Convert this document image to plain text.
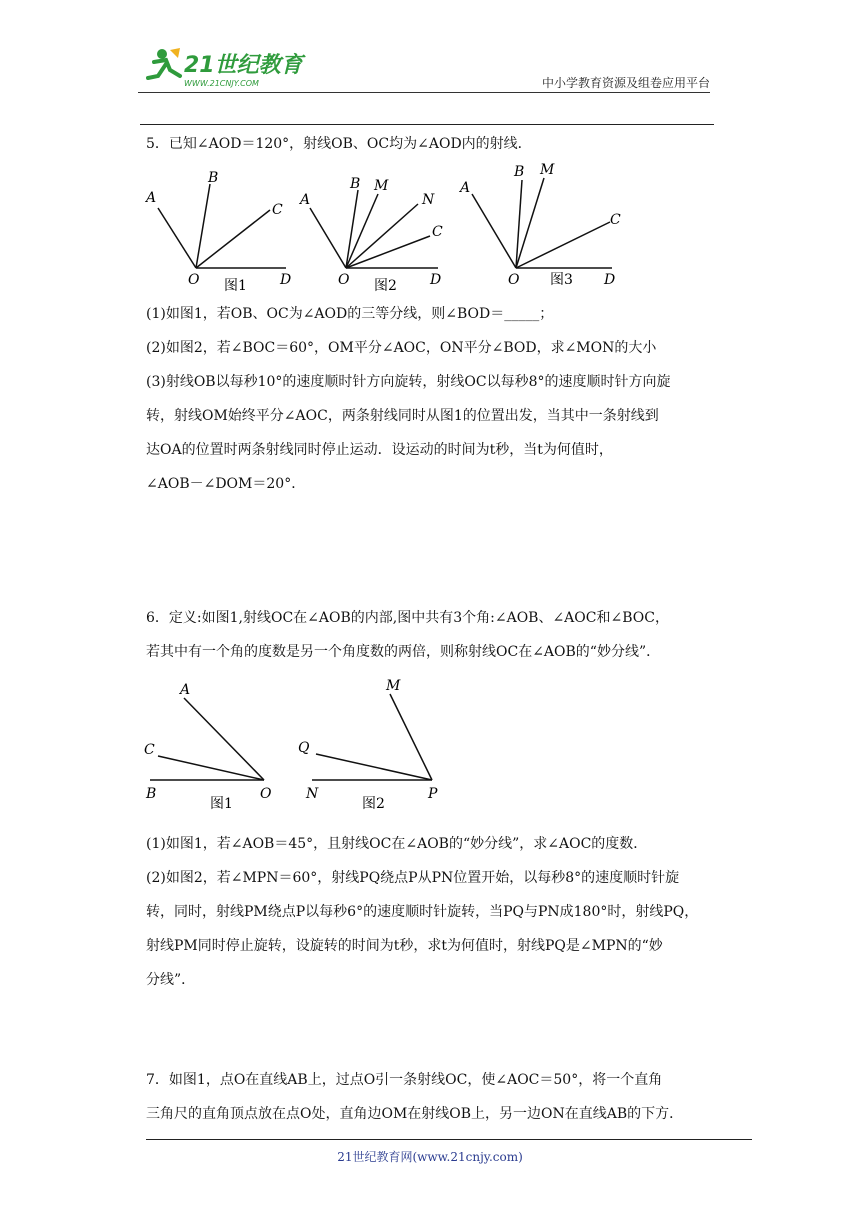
21世纪教育
WWW.21CNJY.COM	中小学教育资源及组卷应用平台
5．已知∠AOD＝120°，射线OB、OC均为∠AOD内的射线．
A
B
C
D
O 图1
A
B M
N
C
D
O 图2
A
B M
C
D
O 图3
(1)如图1，若OB、OC为∠AOD的三等分线，则∠BOD＝_____；
(2)如图2，若∠BOC＝60°，OM平分∠AOC，ON平分∠BOD，求∠MON的大小
(3)射线OB以每秒10°的速度顺时针方向旋转，射线OC以每秒8°的速度顺时针方向旋
转，射线OM始终平分∠AOC，两条射线同时从图1的位置出发，当其中一条射线到
达OA的位置时两条射线同时停止运动．设运动的时间为t秒，当t为何值时，
∠AOB－∠DOM＝20°．
6．定义:如图1,射线OC在∠AOB的内部,图中共有3个角:∠AOB、∠AOC和∠BOC，
若其中有一个角的度数是另一个角度数的两倍，则称射线OC在∠AOB的“妙分线”．
A
C
B	O
图1
M
Q
N	P
图2
(1)如图1，若∠AOB＝45°，且射线OC在∠AOB的“妙分线”，求∠AOC的度数．
(2)如图2，若∠MPN＝60°，射线PQ绕点P从PN位置开始，以每秒8°的速度顺时针旋
转，同时，射线PM绕点P以每秒6°的速度顺时针旋转，当PQ与PN成180°时，射线PQ，
射线PM同时停止旋转，设旋转的时间为t秒，求t为何值时，射线PQ是∠MPN的“妙
分线”．
7．如图1，点O在直线AB上，过点O引一条射线OC，使∠AOC＝50°，将一个直角
三角尺的直角顶点放在点O处，直角边OM在射线OB上，另一边ON在直线AB的下方．
21世纪教育网(www.21cnjy.com)
